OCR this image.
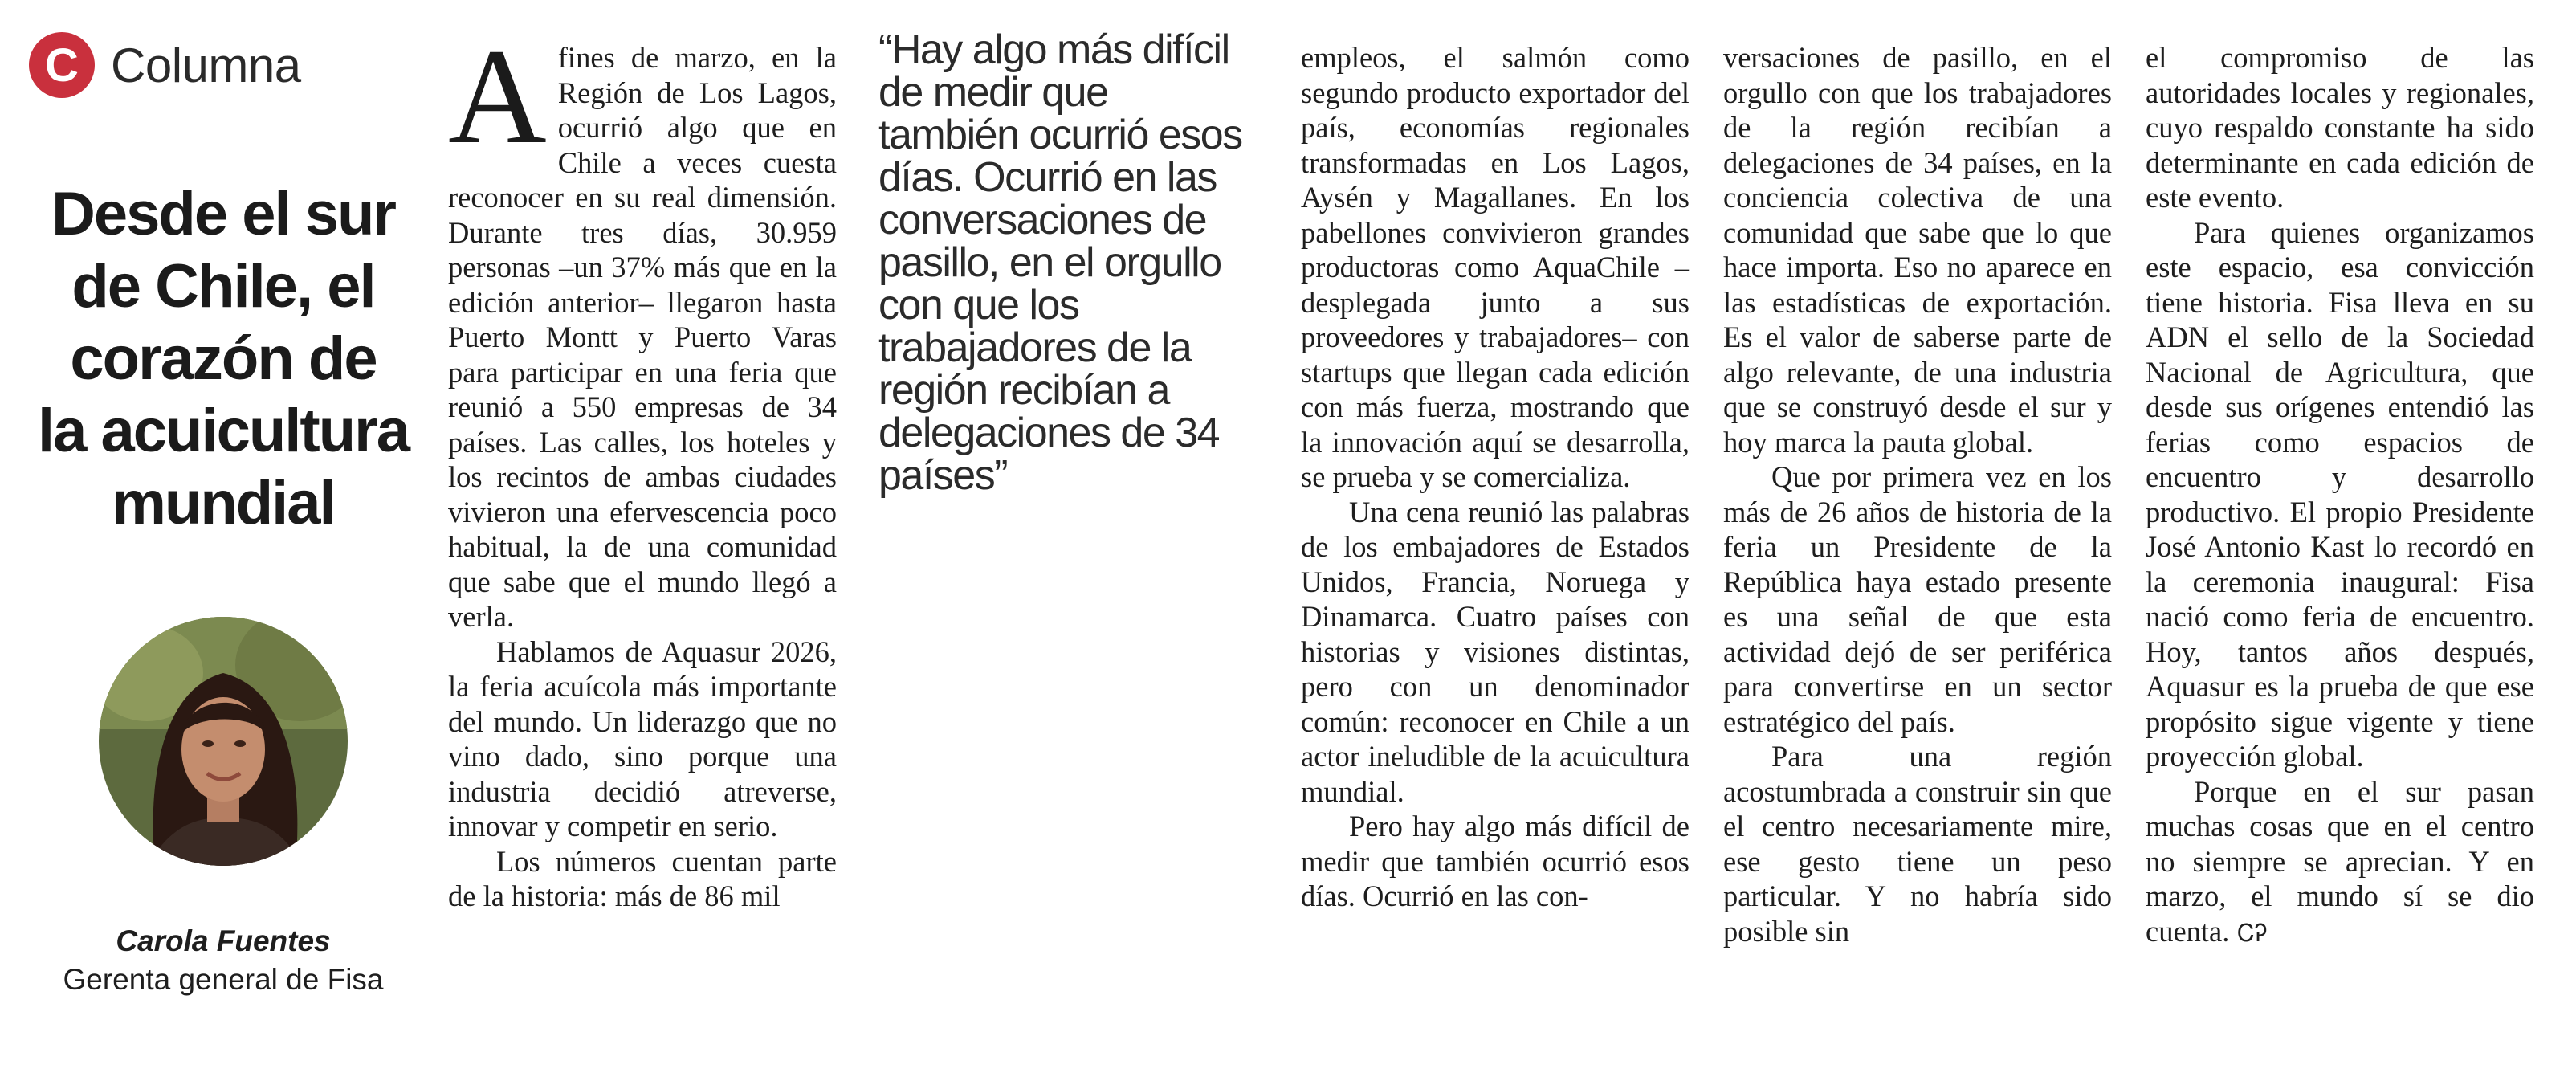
C Columna
Desde el sur
de Chile, el
corazón de
la acuicultura
mundial
Carola Fuentes
Gerenta general de Fisa

Afines de marzo, en la Región de Los Lagos, ocurrió algo que en Chile a veces cuesta reconocer en su real dimensión. Durante tres días, 30.959 personas –un 37% más que en la edición anterior– llegaron hasta Puerto Montt y Puerto Varas para participar en una feria que reunió a 550 empresas de 34 países. Las calles, los hoteles y los recintos de ambas ciudades vivieron una efervescencia poco habitual, la de una comunidad que sabe que el mundo llegó a verla.

Hablamos de Aquasur 2026, la feria acuícola más importante del mundo. Un liderazgo que no vino dado, sino porque una industria decidió atreverse, innovar y competir en serio.

Los números cuentan parte de la historia: más de 86 mil

“Hay algo más difícil de medir que también ocurrió esos días. Ocurrió en las conversaciones de pasillo, en el orgullo con que los trabajadores de la región recibían a delegaciones de 34 países”

empleos, el salmón como segundo producto exportador del país, economías regionales transformadas en Los Lagos, Aysén y Magallanes. En los pabellones convivieron grandes productoras como AquaChile –desplegada junto a sus proveedores y trabajadores– con startups que llegan cada edición con más fuerza, mostrando que la innovación aquí se desarrolla, se prueba y se comercializa.

Una cena reunió las palabras de los embajadores de Estados Unidos, Francia, Noruega y Dinamarca. Cuatro países con historias y visiones distintas, pero con un denominador común: reconocer en Chile a un actor ineludible de la acuicultura mundial.

Pero hay algo más difícil de medir que también ocurrió esos días. Ocurrió en las con-

versaciones de pasillo, en el orgullo con que los trabajadores de la región recibían a delegaciones de 34 países, en la conciencia colectiva de una comunidad que sabe que lo que hace importa. Eso no aparece en las estadísticas de exportación. Es el valor de saberse parte de algo relevante, de una industria que se construyó desde el sur y hoy marca la pauta global.

Que por primera vez en los más de 26 años de historia de la feria un Presidente de la República haya estado presente es una señal de que esta actividad dejó de ser periférica para convertirse en un sector estratégico del país.

Para una región acostumbrada a construir sin que el centro necesariamente mire, ese gesto tiene un peso particular. Y no habría sido posible sin

el compromiso de las autoridades locales y regionales, cuyo respaldo constante ha sido determinante en cada edición de este evento.

Para quienes organizamos este espacio, esa convicción tiene historia. Fisa lleva en su ADN el sello de la Sociedad Nacional de Agricultura, que desde sus orígenes entendió las ferias como espacios de encuentro y desarrollo productivo. El propio Presidente José Antonio Kast lo recordó en la ceremonia inaugural: Fisa nació como feria de encuentro. Hoy, tantos años después, Aquasur es la prueba de que ese propósito sigue vigente y tiene proyección global.

Porque en el sur pasan muchas cosas que en el centro no siempre se aprecian. Y en marzo, el mundo sí se dio cuenta. ᏟᎮ
